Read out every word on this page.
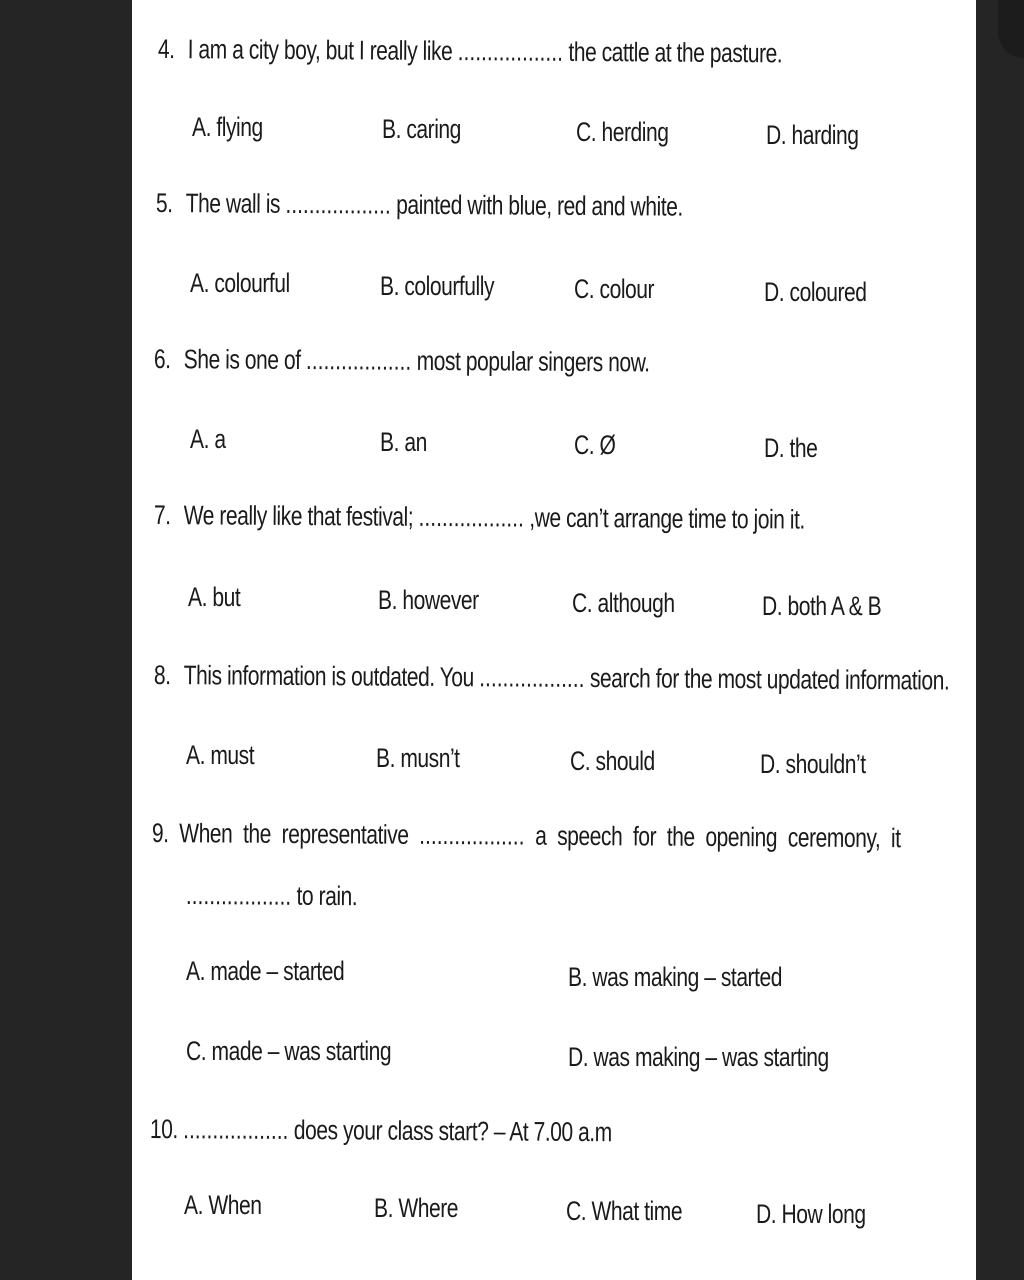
4. I am a city boy, but I really like .................. the cattle at the pasture.
A. flying	B. caring	C. herding	D. harding
5. The wall is .................. painted with blue, red and white.
A. colourful	B. colourfully	C. colour	D. coloured
6. She is one of .................. most popular singers now.
A. a	B. an	C. Ø	D. the
7. We really like that festival; .................. ,we can’t arrange time to join it.
A. but	B. however	C. although	D. both A & B
8. This information is outdated. You .................. search for the most updated information.
A. must	B. musn’t	C. should	D. shouldn’t
9. When the representative .................. a speech for the opening ceremony, it
.................. to rain.
A. made – started	B. was making – started
C. made – was starting	D. was making – was starting
10. .................. does your class start? – At 7.00 a.m
A. When	B. Where	C. What time	D. How long
